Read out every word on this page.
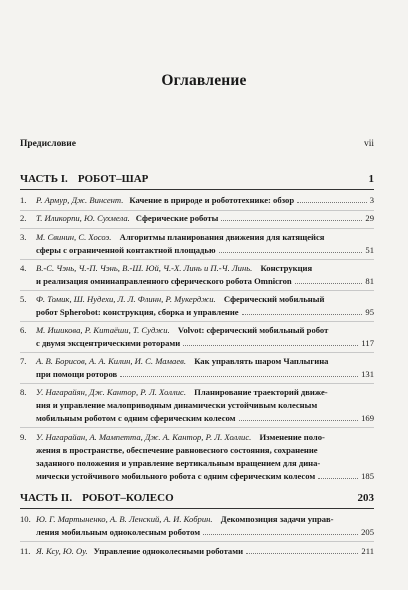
Оглавление
Предисловие	vii
ЧАСТЬ I. РОБОТ–ШАР	1
1.	Р. Армур, Дж. Винсент. Качение в природе и робототехнике: обзор	3
2.	Т. Иликорпи, Ю. Сухмела. Сферические роботы	29
3.	М. Свинин, С. Хосоэ. Алгоритмы планирования движения для катящейся
сферы с ограниченной контактной площадью	51
4.	В.-С. Чэнь, Ч.-П. Чэнь, В.-Ш. Юй, Ч.-Х. Линь и П.-Ч. Линь. Конструкция
и реализация омнинаправленного сферического робота Omnicron	81
5.	Ф. Томик, Ш. Нудехи, Л. Л. Флинн, Р. Мукерджи. Сферический мобильный
робот Spherobot: конструкция, сборка и управление	95
6.	М. Ишикова, Р. Китаёши, Т. Суджи. Volvot: сферический мобильный робот
с двумя эксцентрическими роторами	117
7.	А. В. Борисов, А. А. Килин, И. С. Мамаев. Как управлять шаром Чаплыгина
при помощи роторов	131
8.	У. Нагарайян, Дж. Кантор, Р. Л. Холлис. Планирование траекторий движе-
ния и управление малоприводным динамически устойчивым колесным
мобильным роботом с одним сферическим колесом	169
9.	У. Нагарайан, А. Мампетта, Дж. А. Кантор, Р. Л. Холлис. Изменение поло-
жения в пространстве, обеспечение равновесного состояния, сохранение
заданного положения и управление вертикальным вращением для дина-
мически устойчивого мобильного робота с одним сферическим колесом	185
ЧАСТЬ II. РОБОТ–КОЛЕСО	203
10. Ю. Г. Мартыненко, А. В. Ленский, А. И. Кобрин. Декомпозиция задачи управ-
ления мобильным одноколесным роботом	205
11. Я. Ксу, Ю. Оу. Управление одноколесными роботами	211
